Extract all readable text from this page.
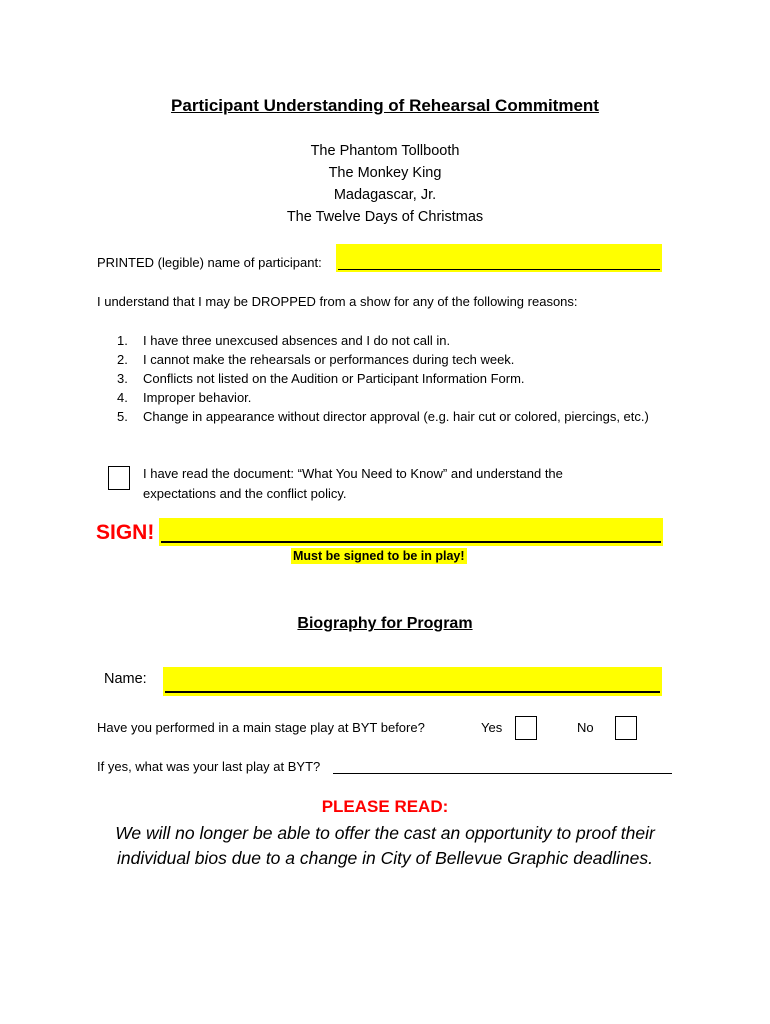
Participant Understanding of Rehearsal Commitment
The Phantom Tollbooth
The Monkey King
Madagascar, Jr.
The Twelve Days of Christmas
PRINTED (legible) name of participant:
I understand that I may be DROPPED from a show for any of the following reasons:
1. I have three unexcused absences and I do not call in.
2. I cannot make the rehearsals or performances during tech week.
3. Conflicts not listed on the Audition or Participant Information Form.
4. Improper behavior.
5. Change in appearance without director approval (e.g. hair cut or colored, piercings, etc.)
I have read the document: “What You Need to Know” and understand the expectations and the conflict policy.
SIGN!
Must be signed to be in play!
Biography for Program
Name:
Have you performed in a main stage play at BYT before?	Yes	No
If yes, what was your last play at BYT?
PLEASE READ:
We will no longer be able to offer the cast an opportunity to proof their individual bios due to a change in City of Bellevue Graphic deadlines.
